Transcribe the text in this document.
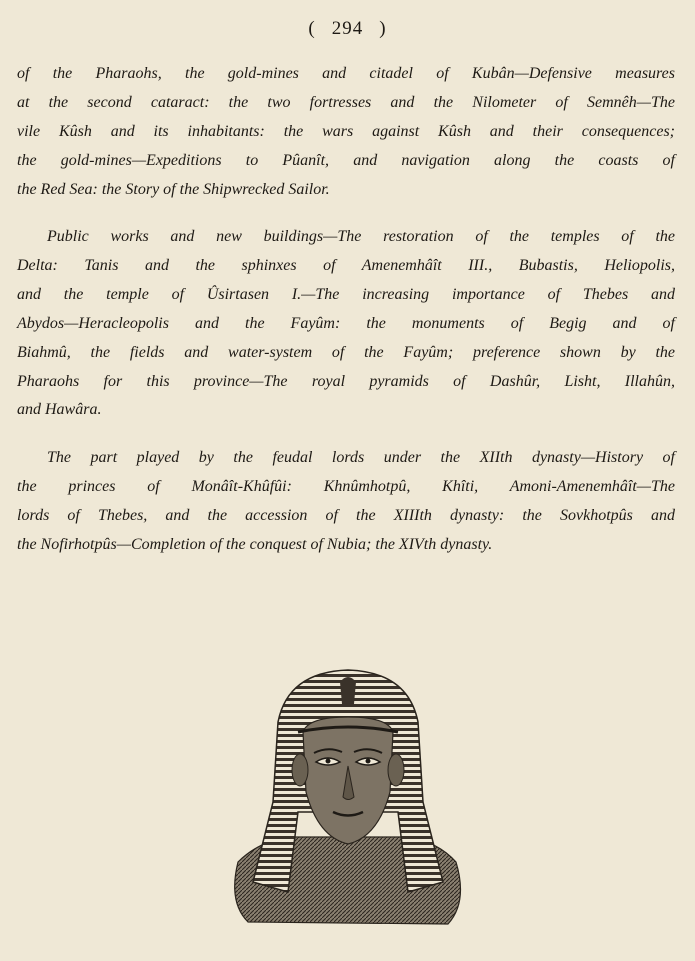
( 294 )
of the Pharaohs, the gold-mines and citadel of Kubân—Defensive measures
at the second cataract: the two fortresses and the Nilometer of Semnêh—The
vile Kûsh and its inhabitants: the wars against Kûsh and their consequences;
the gold-mines—Expeditions to Pûanît, and navigation along the coasts of
the Red Sea: the Story of the Shipwrecked Sailor.
Public works and new buildings—The restoration of the temples of the
Delta: Tanis and the sphinxes of Amenemhâît III., Bubastis, Heliopolis,
and the temple of Ûsirtasen I.—The increasing importance of Thebes and
Abydos—Heracleopolis and the Fayûm: the monuments of Begig and of
Biahmû, the fields and water-system of the Fayûm; preference shown by the
Pharaohs for this province—The royal pyramids of Dashûr, Lisht, Illahûn,
and Hawâra.
The part played by the feudal lords under the XIIth dynasty—History of
the princes of Monâît-Khûfûi: Khnûmhotpû, Khîti, Amoni-Amenemhâît—The
lords of Thebes, and the accession of the XIIIth dynasty: the Sovkhotpûs and
the Nofirhotpûs—Completion of the conquest of Nubia; the XIVth dynasty.
